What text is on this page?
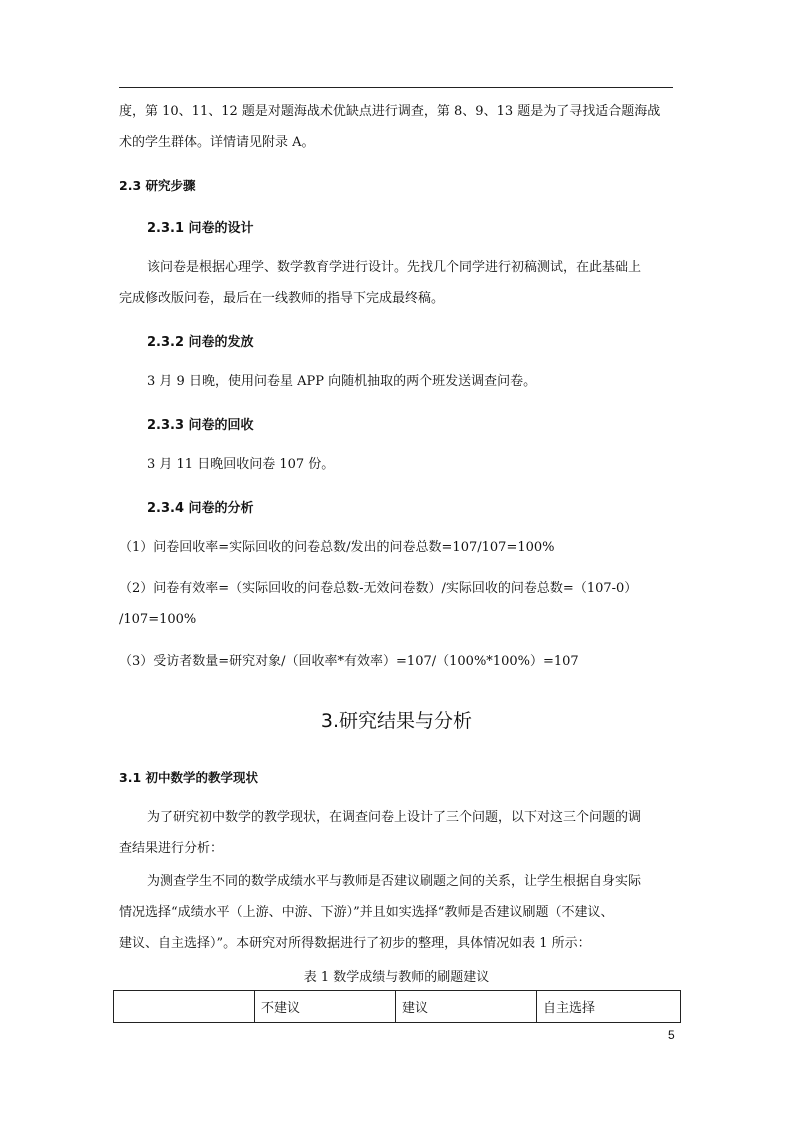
度，第 10、11、12 题是对题海战术优缺点进行调查，第 8、9、13 题是为了寻找适合题海战
术的学生群体。详情请见附录 A。
2.3 研究步骤
2.3.1 问卷的设计
该问卷是根据心理学、数学教育学进行设计。先找几个同学进行初稿测试，在此基础上
完成修改版问卷，最后在一线教师的指导下完成最终稿。
2.3.2 问卷的发放
3 月 9 日晚，使用问卷星 APP 向随机抽取的两个班发送调查问卷。
2.3.3 问卷的回收
3 月 11 日晚回收问卷 107 份。
2.3.4 问卷的分析
（1）问卷回收率=实际回收的问卷总数/发出的问卷总数=107/107=100%
（2）问卷有效率=（实际回收的问卷总数-无效问卷数）/实际回收的问卷总数=（107-0）
/107=100%
（3）受访者数量=研究对象/（回收率*有效率）=107/（100%*100%）=107
3.研究结果与分析
3.1 初中数学的教学现状
为了研究初中数学的教学现状，在调查问卷上设计了三个问题，以下对这三个问题的调
查结果进行分析：
为测查学生不同的数学成绩水平与教师是否建议刷题之间的关系，让学生根据自身实际
情况选择“成绩水平（上游、中游、下游）”并且如实选择“教师是否建议刷题（不建议、
建议、自主选择）”。本研究对所得数据进行了初步的整理，具体情况如表 1 所示：
表 1 数学成绩与教师的刷题建议
	不建议	建议	自主选择
5
